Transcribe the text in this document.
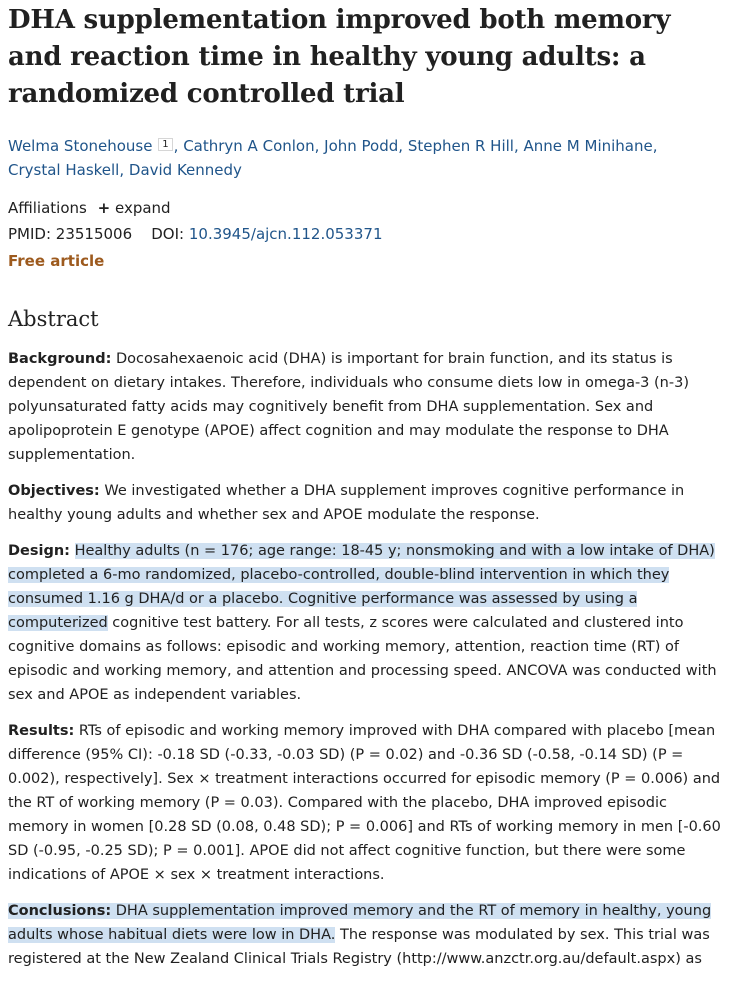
DHA supplementation improved both memory and reaction time in healthy young adults: a randomized controlled trial
Welma Stonehouse $^1$ , Cathryn A Conlon, John Podd, Stephen R Hill, Anne M Minihane,
Crystal Haskell, David Kennedy
Affiliations + expand
PMID: 23515006 DOI: 10.3945/ajcn.112.053371
Free article
Abstract

Background: Docosahexaenoic acid (DHA) is important for brain function, and its status is dependent on dietary intakes. Therefore, individuals who consume diets low in omega-3 (n-3) polyunsaturated fatty acids may cognitively benefit from DHA supplementation. Sex and apolipoprotein E genotype (APOE) affect cognition and may modulate the response to DHA supplementation.

Objectives: We investigated whether a DHA supplement improves cognitive performance in healthy young adults and whether sex and APOE modulate the response.

Design: Healthy adults (n = 176; age range: 18-45 y; nonsmoking and with a low intake of DHA) completed a 6-mo randomized, placebo-controlled, double-blind intervention in which they consumed 1.16 g DHA/d or a placebo. Cognitive performance was assessed by using a computerized cognitive test battery. For all tests, z scores were calculated and clustered into cognitive domains as follows: episodic and working memory, attention, reaction time (RT) of episodic and working memory, and attention and processing speed. ANCOVA was conducted with sex and APOE as independent variables.

Results: RTs of episodic and working memory improved with DHA compared with placebo [mean difference (95% CI): -0.18 SD (-0.33, -0.03 SD) (P = 0.02) and -0.36 SD (-0.58, -0.14 SD) (P = 0.002), respectively]. Sex × treatment interactions occurred for episodic memory (P = 0.006) and the RT of working memory (P = 0.03). Compared with the placebo, DHA improved episodic memory in women [0.28 SD (0.08, 0.48 SD); P = 0.006] and RTs of working memory in men [-0.60 SD (-0.95, -0.25 SD); P = 0.001]. APOE did not affect cognitive function, but there were some indications of APOE × sex × treatment interactions.

Conclusions: DHA supplementation improved memory and the RT of memory in healthy, young adults whose habitual diets were low in DHA. The response was modulated by sex. This trial was registered at the New Zealand Clinical Trials Registry (http://www.anzctr.org.au/default.aspx) as
